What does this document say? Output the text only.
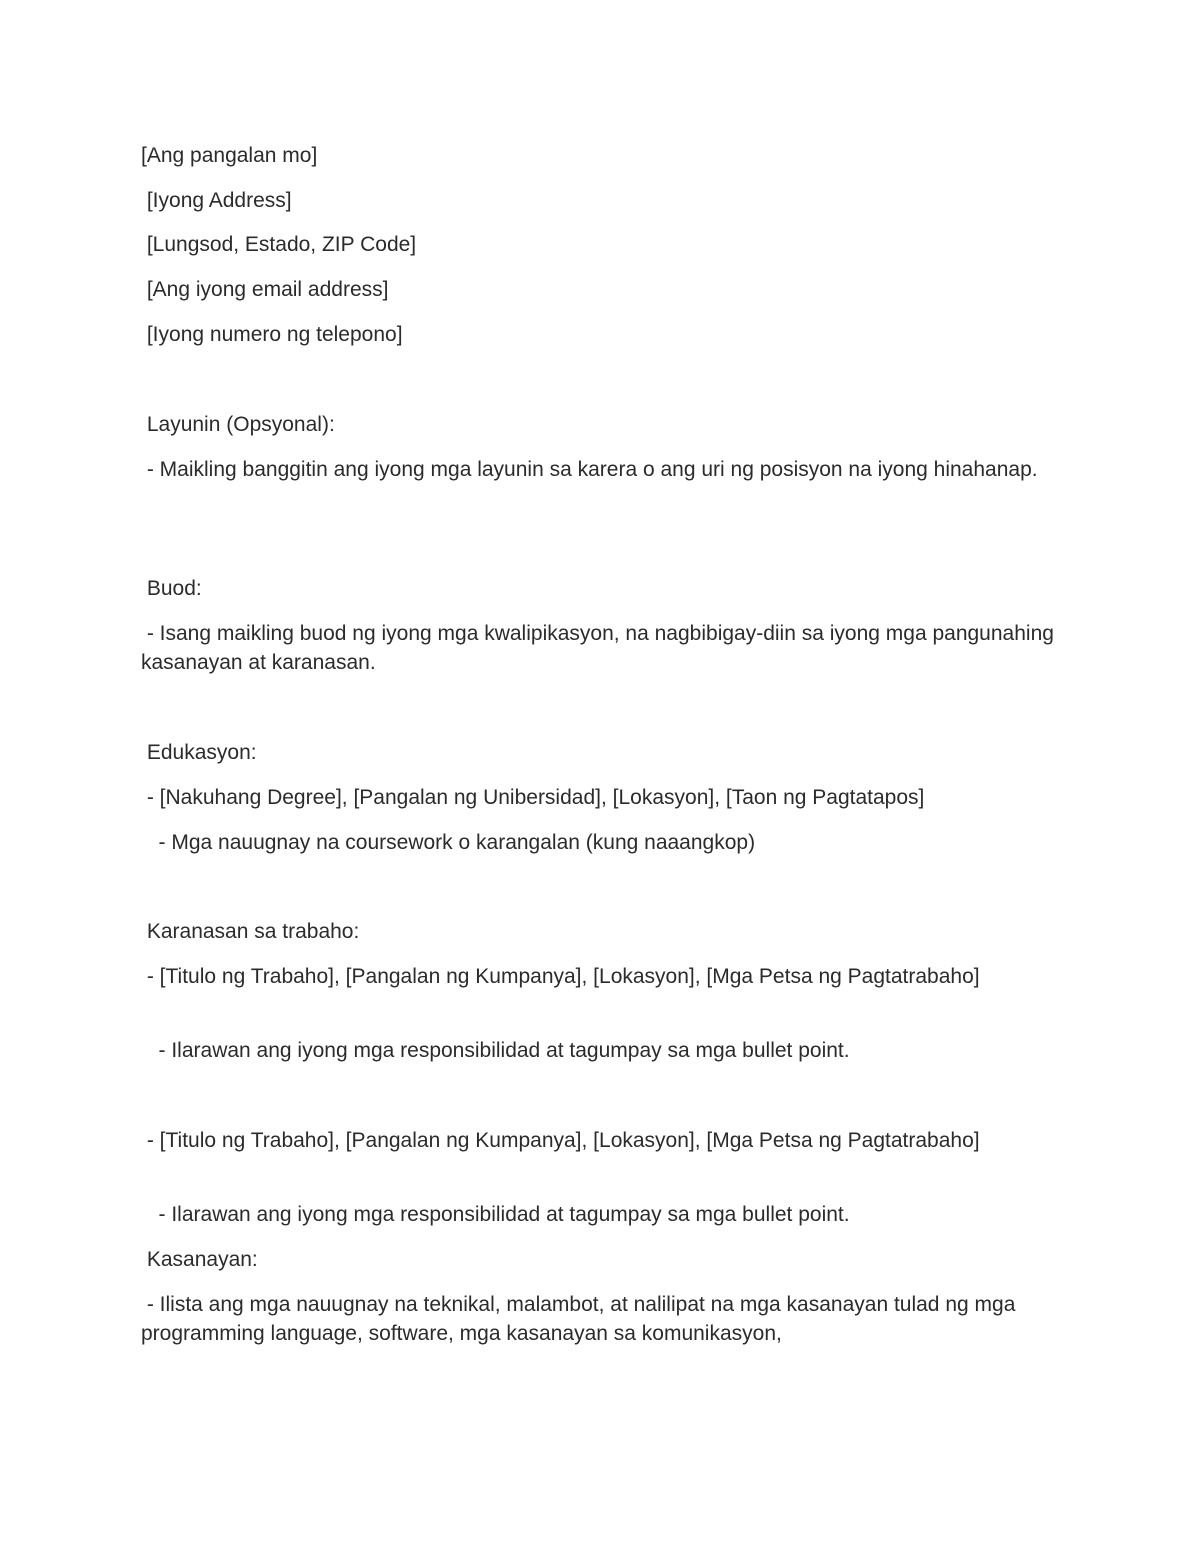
[Ang pangalan mo]

[Iyong Address]

[Lungsod, Estado, ZIP Code]

[Ang iyong email address]

[Iyong numero ng telepono]

Layunin (Opsyonal):

- Maikling banggitin ang iyong mga layunin sa karera o ang uri ng posisyon na iyong hinahanap.

Buod:

- Isang maikling buod ng iyong mga kwalipikasyon, na nagbibigay-diin sa iyong mga pangunahing kasanayan at karanasan.

Edukasyon:

- [Nakuhang Degree], [Pangalan ng Unibersidad], [Lokasyon], [Taon ng Pagtatapos]

- Mga nauugnay na coursework o karangalan (kung naaangkop)

Karanasan sa trabaho:

- [Titulo ng Trabaho], [Pangalan ng Kumpanya], [Lokasyon], [Mga Petsa ng Pagtatrabaho]

- Ilarawan ang iyong mga responsibilidad at tagumpay sa mga bullet point.

- [Titulo ng Trabaho], [Pangalan ng Kumpanya], [Lokasyon], [Mga Petsa ng Pagtatrabaho]

- Ilarawan ang iyong mga responsibilidad at tagumpay sa mga bullet point.

Kasanayan:

- Ilista ang mga nauugnay na teknikal, malambot, at nalilipat na mga kasanayan tulad ng mga programming language, software, mga kasanayan sa komunikasyon,
